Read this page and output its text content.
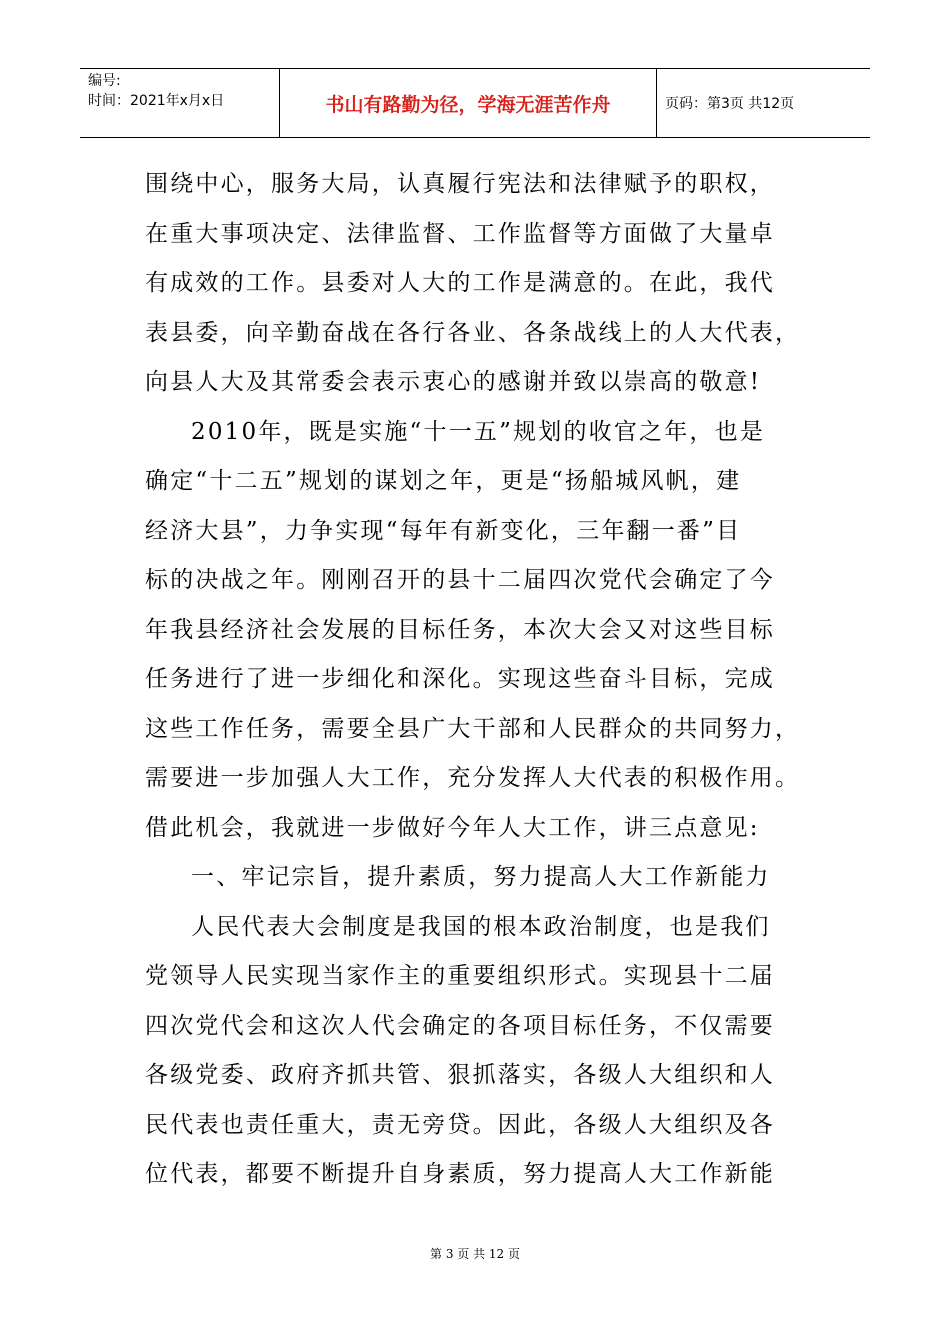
编号:
时间：2021年x月x日	书山有路勤为径，学海无涯苦作舟	页码：第3页 共12页
围绕中心，服务大局，认真履行宪法和法律赋予的职权，
在重大事项决定、法律监督、工作监督等方面做了大量卓
有成效的工作。县委对人大的工作是满意的。在此，我代
表县委，向辛勤奋战在各行各业、各条战线上的人大代表，
向县人大及其常委会表示衷心的感谢并致以崇高的敬意!
2010年，既是实施“十一五”规划的收官之年，也是
确定“十二五”规划的谋划之年，更是“扬船城风帆，建
经济大县”，力争实现“每年有新变化，三年翻一番”目
标的决战之年。刚刚召开的县十二届四次党代会确定了今
年我县经济社会发展的目标任务，本次大会又对这些目标
任务进行了进一步细化和深化。实现这些奋斗目标，完成
这些工作任务，需要全县广大干部和人民群众的共同努力，
需要进一步加强人大工作，充分发挥人大代表的积极作用。
借此机会，我就进一步做好今年人大工作，讲三点意见:
一、牢记宗旨，提升素质，努力提高人大工作新能力
人民代表大会制度是我国的根本政治制度，也是我们
党领导人民实现当家作主的重要组织形式。实现县十二届
四次党代会和这次人代会确定的各项目标任务，不仅需要
各级党委、政府齐抓共管、狠抓落实，各级人大组织和人
民代表也责任重大，责无旁贷。因此，各级人大组织及各
位代表，都要不断提升自身素质，努力提高人大工作新能
第 3 页 共 12 页
